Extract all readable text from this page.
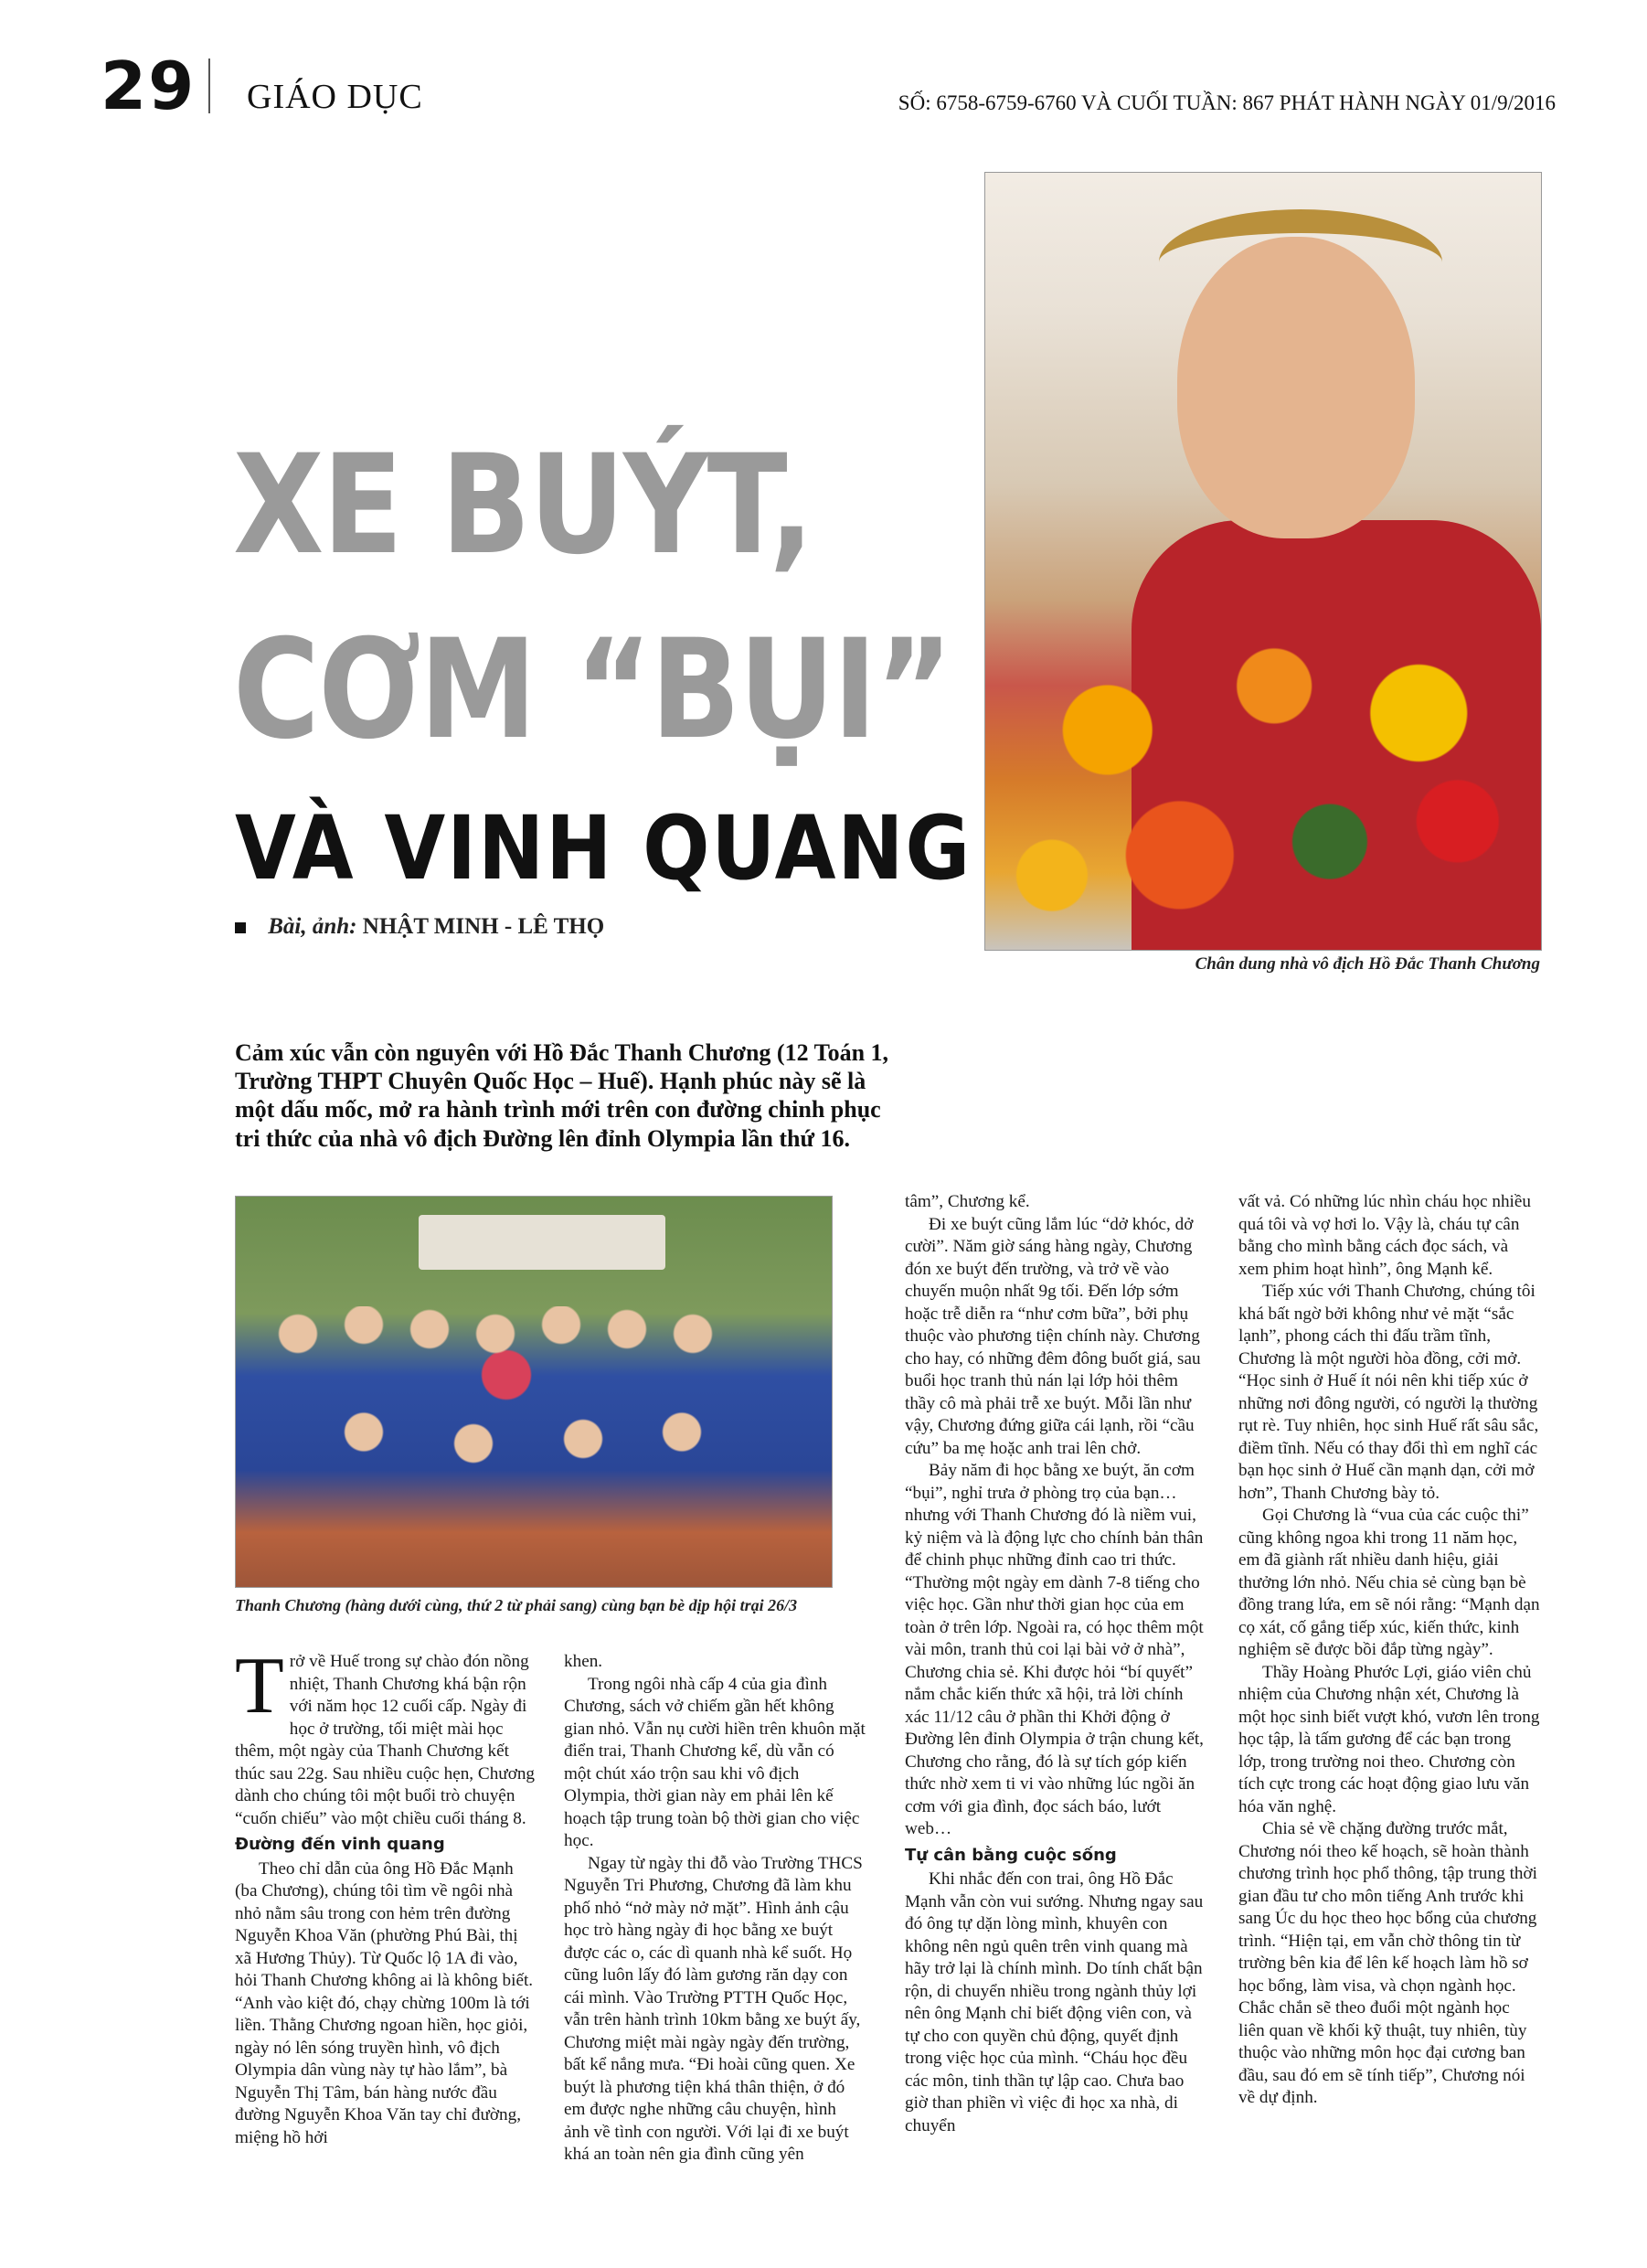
29 GIÁO DỤC	SỐ: 6758-6759-6760 VÀ CUỐI TUẦN: 867 PHÁT HÀNH NGÀY 01/9/2016
XE BUÝT,
CƠM “BỤI”
VÀ VINH QUANG
Bài, ảnh: NHẬT MINH - LÊ THỌ
Chân dung nhà vô địch Hồ Đắc Thanh Chương

Cảm xúc vẫn còn nguyên với Hồ Đắc Thanh Chương (12 Toán 1, Trường THPT Chuyên Quốc Học – Huế). Hạnh phúc này sẽ là một dấu mốc, mở ra hành trình mới trên con đường chinh phục tri thức của nhà vô địch Đường lên đỉnh Olympia lần thứ 16.

Thanh Chương (hàng dưới cùng, thứ 2 từ phải sang) cùng bạn bè dịp hội trại 26/3

Trở về Huế trong sự chào đón nồng nhiệt, Thanh Chương khá bận rộn với năm học 12 cuối cấp. Ngày đi học ở trường, tối miệt mài học thêm, một ngày của Thanh Chương kết thúc sau 22g. Sau nhiều cuộc hẹn, Chương dành cho chúng tôi một buổi trò chuyện “cuốn chiếu” vào một chiều cuối tháng 8.

Đường đến vinh quang

Theo chỉ dẫn của ông Hồ Đắc Mạnh (ba Chương), chúng tôi tìm về ngôi nhà nhỏ nằm sâu trong con hẻm trên đường Nguyễn Khoa Văn (phường Phú Bài, thị xã Hương Thủy). Từ Quốc lộ 1A đi vào, hỏi Thanh Chương không ai là không biết. “Anh vào kiệt đó, chạy chừng 100m là tới liền. Thằng Chương ngoan hiền, học giỏi, ngày nó lên sóng truyền hình, vô địch Olympia dân vùng này tự hào lắm”, bà Nguyễn Thị Tâm, bán hàng nước đầu đường Nguyễn Khoa Văn tay chỉ đường, miệng hồ hởi

khen.

Trong ngôi nhà cấp 4 của gia đình Chương, sách vở chiếm gần hết không gian nhỏ. Vẫn nụ cười hiền trên khuôn mặt điển trai, Thanh Chương kể, dù vẫn có một chút xáo trộn sau khi vô địch Olympia, thời gian này em phải lên kế hoạch tập trung toàn bộ thời gian cho việc học.

Ngay từ ngày thi đỗ vào Trường THCS Nguyễn Tri Phương, Chương đã làm khu phố nhỏ “nở mày nở mặt”. Hình ảnh cậu học trò hàng ngày đi học bằng xe buýt được các o, các dì quanh nhà kể suốt. Họ cũng luôn lấy đó làm gương răn dạy con cái mình. Vào Trường PTTH Quốc Học, vẫn trên hành trình 10km bằng xe buýt ấy, Chương miệt mài ngày ngày đến trường, bất kể nắng mưa. “Đi hoài cũng quen. Xe buýt là phương tiện khá thân thiện, ở đó em được nghe những câu chuyện, hình ảnh về tình con người. Với lại đi xe buýt khá an toàn nên gia đình cũng yên

tâm”, Chương kể.

Đi xe buýt cũng lắm lúc “dở khóc, dở cười”. Năm giờ sáng hàng ngày, Chương đón xe buýt đến trường, và trở về vào chuyến muộn nhất 9g tối. Đến lớp sớm hoặc trễ diễn ra “như cơm bữa”, bởi phụ thuộc vào phương tiện chính này. Chương cho hay, có những đêm đông buốt giá, sau buổi học tranh thủ nán lại lớp hỏi thêm thầy cô mà phải trễ xe buýt. Mỗi lần như vậy, Chương đứng giữa cái lạnh, rồi “cầu cứu” ba mẹ hoặc anh trai lên chở.

Bảy năm đi học bằng xe buýt, ăn cơm “bụi”, nghỉ trưa ở phòng trọ của bạn… nhưng với Thanh Chương đó là niềm vui, kỷ niệm và là động lực cho chính bản thân để chinh phục những đỉnh cao tri thức. “Thường một ngày em dành 7-8 tiếng cho việc học. Gần như thời gian học của em toàn ở trên lớp. Ngoài ra, có học thêm một vài môn, tranh thủ coi lại bài vở ở nhà”, Chương chia sẻ. Khi được hỏi “bí quyết” nắm chắc kiến thức xã hội, trả lời chính xác 11/12 câu ở phần thi Khởi động ở Đường lên đỉnh Olympia ở trận chung kết, Chương cho rằng, đó là sự tích góp kiến thức nhờ xem ti vi vào những lúc ngồi ăn cơm với gia đình, đọc sách báo, lướt web…

Tự cân bằng cuộc sống

Khi nhắc đến con trai, ông Hồ Đắc Mạnh vẫn còn vui sướng. Nhưng ngay sau đó ông tự dặn lòng mình, khuyên con không nên ngủ quên trên vinh quang mà hãy trở lại là chính mình. Do tính chất bận rộn, di chuyển nhiều trong ngành thủy lợi nên ông Mạnh chỉ biết động viên con, và tự cho con quyền chủ động, quyết định trong việc học của mình. “Cháu học đều các môn, tinh thần tự lập cao. Chưa bao giờ than phiền vì việc đi học xa nhà, di chuyển

vất vả. Có những lúc nhìn cháu học nhiều quá tôi và vợ hơi lo. Vậy là, cháu tự cân bằng cho mình bằng cách đọc sách, và xem phim hoạt hình”, ông Mạnh kể.

Tiếp xúc với Thanh Chương, chúng tôi khá bất ngờ bởi không như vẻ mặt “sắc lạnh”, phong cách thi đấu trầm tĩnh, Chương là một người hòa đồng, cởi mở. “Học sinh ở Huế ít nói nên khi tiếp xúc ở những nơi đông người, có người lạ thường rụt rè. Tuy nhiên, học sinh Huế rất sâu sắc, điềm tĩnh. Nếu có thay đổi thì em nghĩ các bạn học sinh ở Huế cần mạnh dạn, cởi mở hơn”, Thanh Chương bày tỏ.

Gọi Chương là “vua của các cuộc thi” cũng không ngoa khi trong 11 năm học, em đã giành rất nhiều danh hiệu, giải thưởng lớn nhỏ. Nếu chia sẻ cùng bạn bè đồng trang lứa, em sẽ nói rằng: “Mạnh dạn cọ xát, cố gắng tiếp xúc, kiến thức, kinh nghiệm sẽ được bồi đắp từng ngày”.

Thầy Hoàng Phước Lợi, giáo viên chủ nhiệm của Chương nhận xét, Chương là một học sinh biết vượt khó, vươn lên trong học tập, là tấm gương để các bạn trong lớp, trong trường noi theo. Chương còn tích cực trong các hoạt động giao lưu văn hóa văn nghệ.

Chia sẻ về chặng đường trước mắt, Chương nói theo kế hoạch, sẽ hoàn thành chương trình học phổ thông, tập trung thời gian đầu tư cho môn tiếng Anh trước khi sang Úc du học theo học bổng của chương trình. “Hiện tại, em vẫn chờ thông tin từ trường bên kia để lên kế hoạch làm hồ sơ học bổng, làm visa, và chọn ngành học. Chắc chắn sẽ theo đuổi một ngành học liên quan về khối kỹ thuật, tuy nhiên, tùy thuộc vào những môn học đại cương ban đầu, sau đó em sẽ tính tiếp”, Chương nói về dự định.
